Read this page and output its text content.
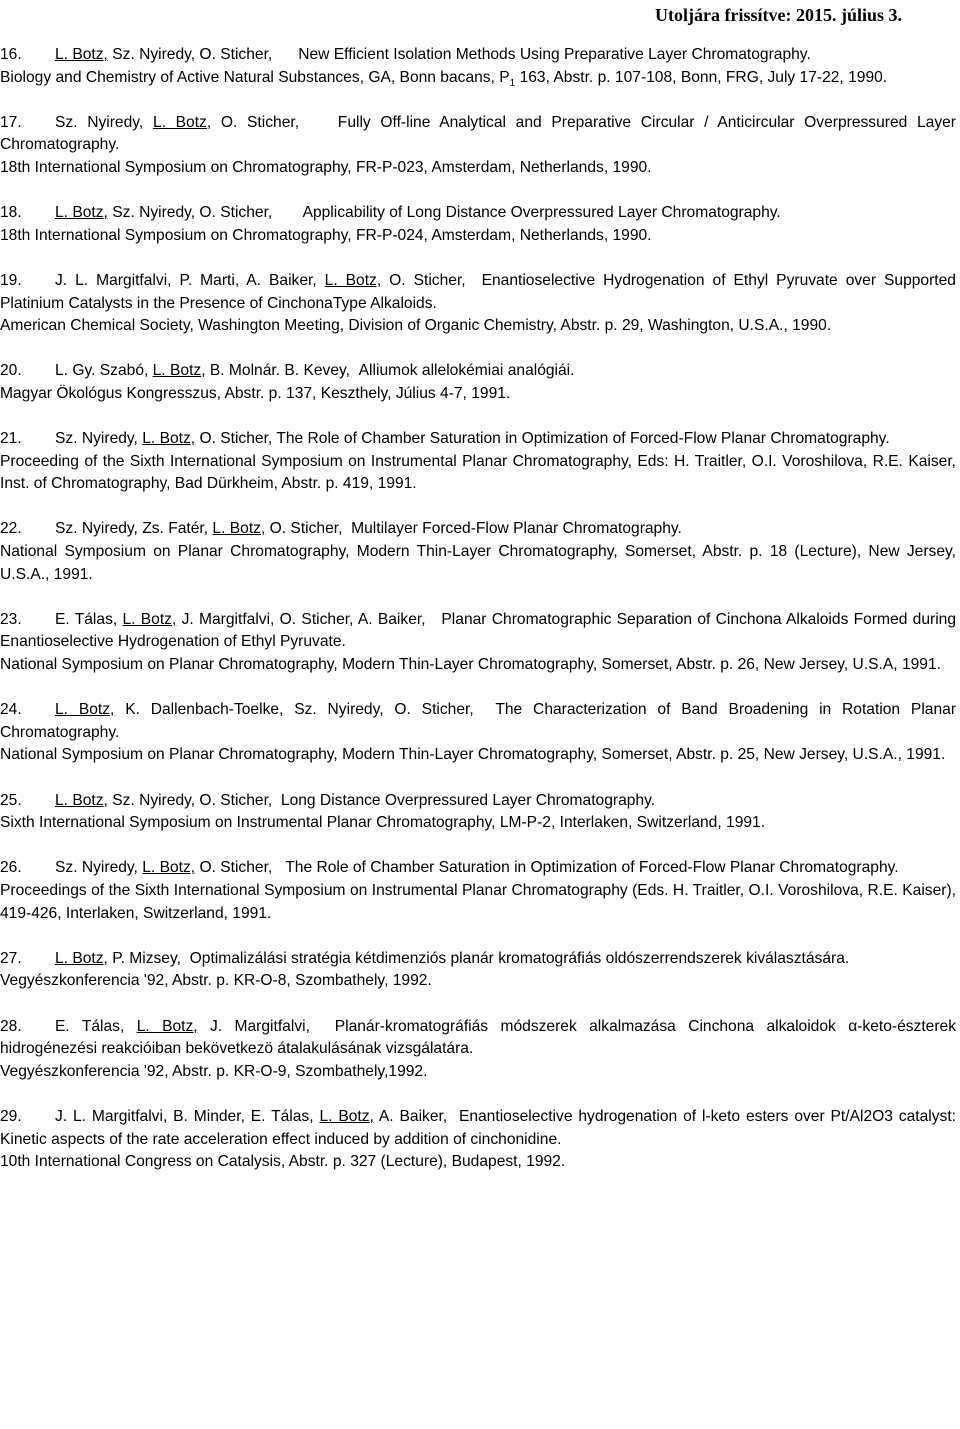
Utoljára frissítve: 2015. július 3.

16. L. Botz, Sz. Nyiredy, O. Sticher, New Efficient Isolation Methods Using Preparative Layer Chromatography.

Biology and Chemistry of Active Natural Substances, GA, Bonn bacans, $P_1$ 163, Abstr. p. 107-108, Bonn, FRG, July 17-22, 1990.

17. Sz. Nyiredy, L. Botz, O. Sticher, Fully Off-line Analytical and Preparative Circular / Anticircular Overpressured Layer Chromatography.

18th International Symposium on Chromatography, FR-P-023, Amsterdam, Netherlands, 1990.

18. L. Botz, Sz. Nyiredy, O. Sticher, Applicability of Long Distance Overpressured Layer Chromatography.

18th International Symposium on Chromatography, FR-P-024, Amsterdam, Netherlands, 1990.

19. J. L. Margitfalvi, P. Marti, A. Baiker, L. Botz, O. Sticher, Enantioselective Hydrogenation of Ethyl Pyruvate over Supported Platinium Catalysts in the Presence of CinchonaType Alkaloids.

American Chemical Society, Washington Meeting, Division of Organic Chemistry, Abstr. p. 29, Washington, U.S.A., 1990.

20. L. Gy. Szabó, L. Botz, B. Molnár. B. Kevey, Alliumok allelokémiai analógiái.

Magyar Ökológus Kongresszus, Abstr. p. 137, Keszthely, Július 4-7, 1991.

21. Sz. Nyiredy, L. Botz, O. Sticher, The Role of Chamber Saturation in Optimization of Forced-Flow Planar Chromatography.

Proceeding of the Sixth International Symposium on Instrumental Planar Chromatography, Eds: H. Traitler, O.I. Voroshilova, R.E. Kaiser, Inst. of Chromatography, Bad Dürkheim, Abstr. p. 419, 1991.

22. Sz. Nyiredy, Zs. Fatér, L. Botz, O. Sticher, Multilayer Forced-Flow Planar Chromatography.

National Symposium on Planar Chromatography, Modern Thin-Layer Chromatography, Somerset, Abstr. p. 18 (Lecture), New Jersey, U.S.A., 1991.

23. E. Tálas, L. Botz, J. Margitfalvi, O. Sticher, A. Baiker, Planar Chromatographic Separation of Cinchona Alkaloids Formed during Enantioselective Hydrogenation of Ethyl Pyruvate.

National Symposium on Planar Chromatography, Modern Thin-Layer Chromatography, Somerset, Abstr. p. 26, New Jersey, U.S.A, 1991.

24. L. Botz, K. Dallenbach-Toelke, Sz. Nyiredy, O. Sticher, The Characterization of Band Broadening in Rotation Planar Chromatography.

National Symposium on Planar Chromatography, Modern Thin-Layer Chromatography, Somerset, Abstr. p. 25, New Jersey, U.S.A., 1991.

25. L. Botz, Sz. Nyiredy, O. Sticher, Long Distance Overpressured Layer Chromatography.

Sixth International Symposium on Instrumental Planar Chromatography, LM-P-2, Interlaken, Switzerland, 1991.

26. Sz. Nyiredy, L. Botz, O. Sticher, The Role of Chamber Saturation in Optimization of Forced-Flow Planar Chromatography.

Proceedings of the Sixth International Symposium on Instrumental Planar Chromatography (Eds. H. Traitler, O.I. Voroshilova, R.E. Kaiser), 419-426, Interlaken, Switzerland, 1991.

27. L. Botz, P. Mizsey, Optimalizálási stratégia kétdimenziós planár kromatográfiás oldószerrendszerek kiválasztására.

Vegyészkonferencia '92, Abstr. p. KR-O-8, Szombathely, 1992.

28. E. Tálas, L. Botz, J. Margitfalvi, Planár-kromatográfiás módszerek alkalmazása Cinchona alkaloidok α-keto-észterek hidrogénezési reakcióiban bekövetkezö átalakulásának vizsgálatára.

Vegyészkonferencia '92, Abstr. p. KR-O-9, Szombathely,1992.

29. J. L. Margitfalvi, B. Minder, E. Tálas, L. Botz, A. Baiker, Enantioselective hydrogenation of l-keto esters over Pt/Al2O3 catalyst: Kinetic aspects of the rate acceleration effect induced by addition of cinchonidine.

10th International Congress on Catalysis, Abstr. p. 327 (Lecture), Budapest, 1992.
